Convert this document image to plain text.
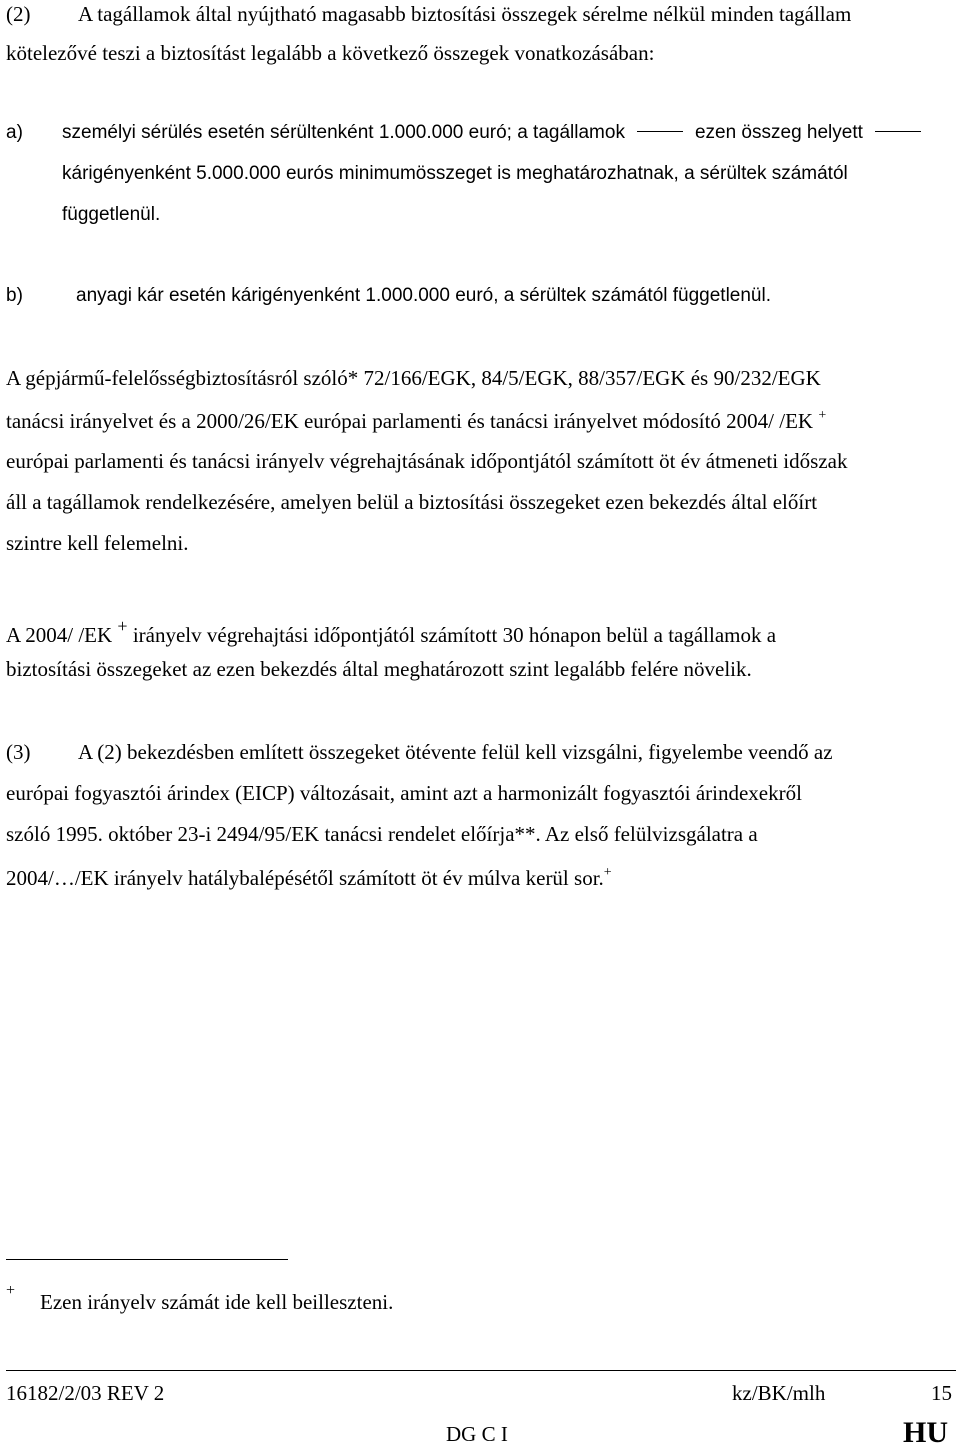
(2) A tagállamok által nyújtható magasabb biztosítási összegek sérelme nélkül minden tagállam
kötelezővé teszi a biztosítást legalább a következő összegek vonatkozásában:
a) személyi sérülés esetén sérültenként 1.000.000 euró; a tagállamok	ezen összeg helyett
kárigényenként 5.000.000 eurós minimumösszeget is meghatározhatnak, a sérültek számától
függetlenül.
b)	anyagi kár esetén kárigényenként 1.000.000 euró, a sérültek számától függetlenül.
A gépjármű-felelősségbiztosításról szóló* 72/166/EGK, 84/5/EGK, 88/357/EGK és 90/232/EGK
tanácsi irányelvet és a 2000/26/EK európai parlamenti és tanácsi irányelvet módosító 2004/ /EK +
európai parlamenti és tanácsi irányelv végrehajtásának időpontjától számított öt év átmeneti időszak
áll a tagállamok rendelkezésére, amelyen belül a biztosítási összegeket ezen bekezdés által előírt
szintre kell felemelni.
A 2004/ /EK + irányelv végrehajtási időpontjától számított 30 hónapon belül a tagállamok a
biztosítási összegeket az ezen bekezdés által meghatározott szint legalább felére növelik.
(3) A (2) bekezdésben említett összegeket ötévente felül kell vizsgálni, figyelembe veendő az
európai fogyasztói árindex (EICP) változásait, amint azt a harmonizált fogyasztói árindexekről
szóló 1995. október 23-i 2494/95/EK tanácsi rendelet előírja**. Az első felülvizsgálatra a
2004/…/EK irányelv hatálybalépésétől számított öt év múlva kerül sor.+
+ Ezen irányelv számát ide kell beilleszteni.
16182/2/03 REV 2	kz/BK/mlh	15
DG C I	HU
